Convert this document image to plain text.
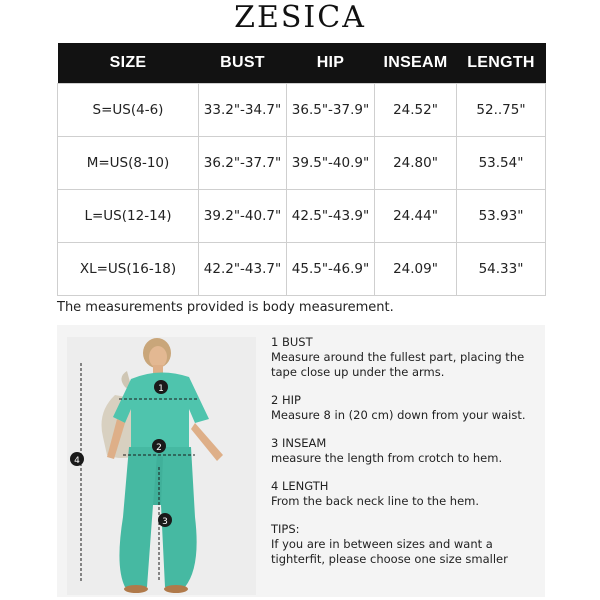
ZESICA
SIZE	BUST	HIP	INSEAM	LENGTH
S=US(4-6)	33.2"-34.7"	36.5"-37.9"	24.52"	52..75"
M=US(8-10)	36.2"-37.7"	39.5"-40.9"	24.80"	53.54"
L=US(12-14)	39.2"-40.7"	42.5"-43.9"	24.44"	53.93"
XL=US(16-18)	42.2"-43.7"	45.5"-46.9"	24.09"	54.33"
The measurements provided is body measurement.
1
2
3
4
1 BUST
Measure around the fullest part, placing the tape close up under the arms.
2 HIP
Measure 8 in (20 cm) down from your waist.
3 INSEAM
measure the length from crotch to hem.
4 LENGTH
From the back neck line to the hem.
TIPS:
If you are in between sizes and want a tighterfit, please choose one size smaller
